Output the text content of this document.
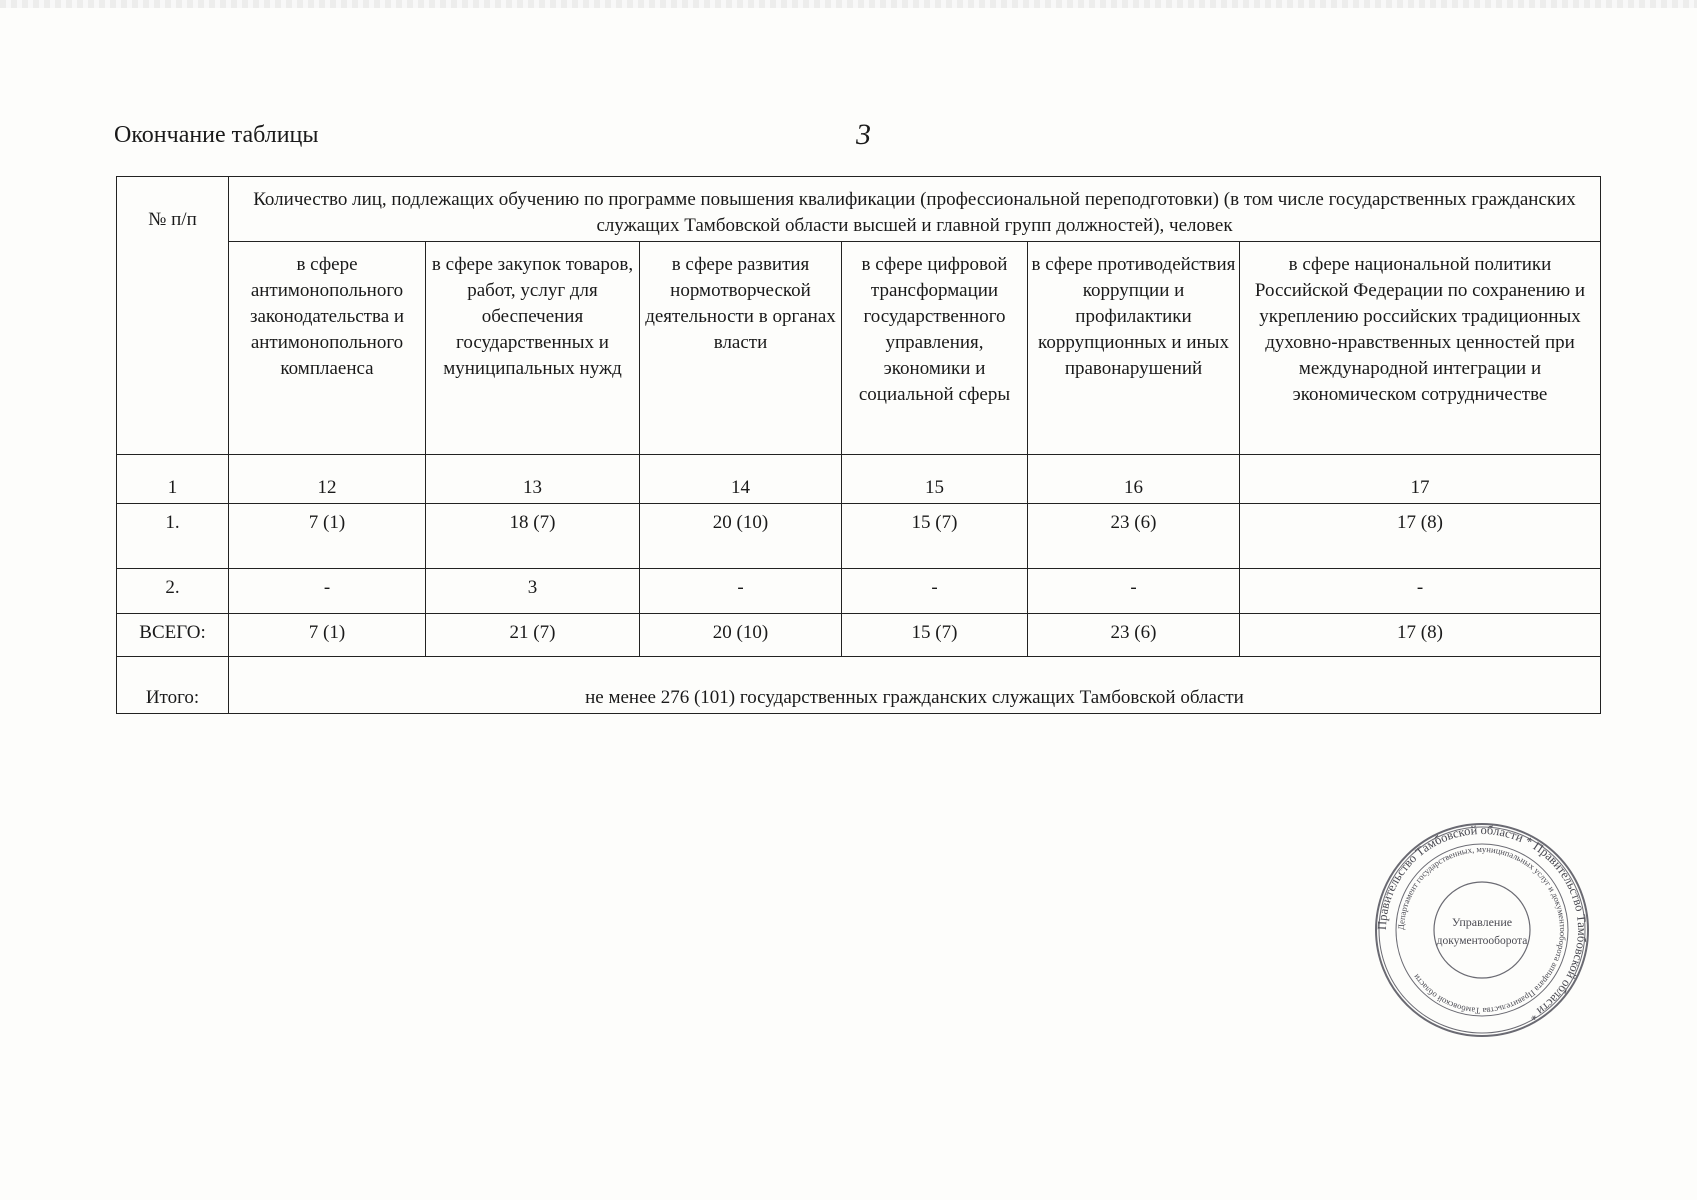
Окончание таблицы	3
№ п/п	Количество лиц, подлежащих обучению по программе повышения квалификации (профессиональной переподготовки) (в том числе государственных гражданских служащих Тамбовской области высшей и главной групп должностей), человек					
	в сфере антимонопольного законодательства и антимонопольного комплаенса	в сфере закупок товаров, работ, услуг для обеспечения государственных и муниципальных нужд	в сфере развития нормотворческой деятельности в органах власти	в сфере цифровой трансформации государственного управления, экономики и социальной сферы	в сфере противодействия коррупции и профилактики коррупционных и иных правонарушений	в сфере национальной политики Российской Федерации по сохранению и укреплению российских традиционных духовно-нравственных ценностей при международной интеграции и экономическом сотрудничестве
1	12	13	14	15	16	17
1.	7 (1)	18 (7)	20 (10)	15 (7)	23 (6)	17 (8)
2.	-	3	-	-	-	-
ВСЕГО:	7 (1)	21 (7)	20 (10)	15 (7)	23 (6)	17 (8)
Итого:	не менее 276 (101) государственных гражданских служащих Тамбовской области					
Правительство Тамбовской области * Правительство Тамбовской области *
Департамент государственных, муниципальных услуг и документооборота аппарата Правительства Тамбовской области
Управление
документооборота
